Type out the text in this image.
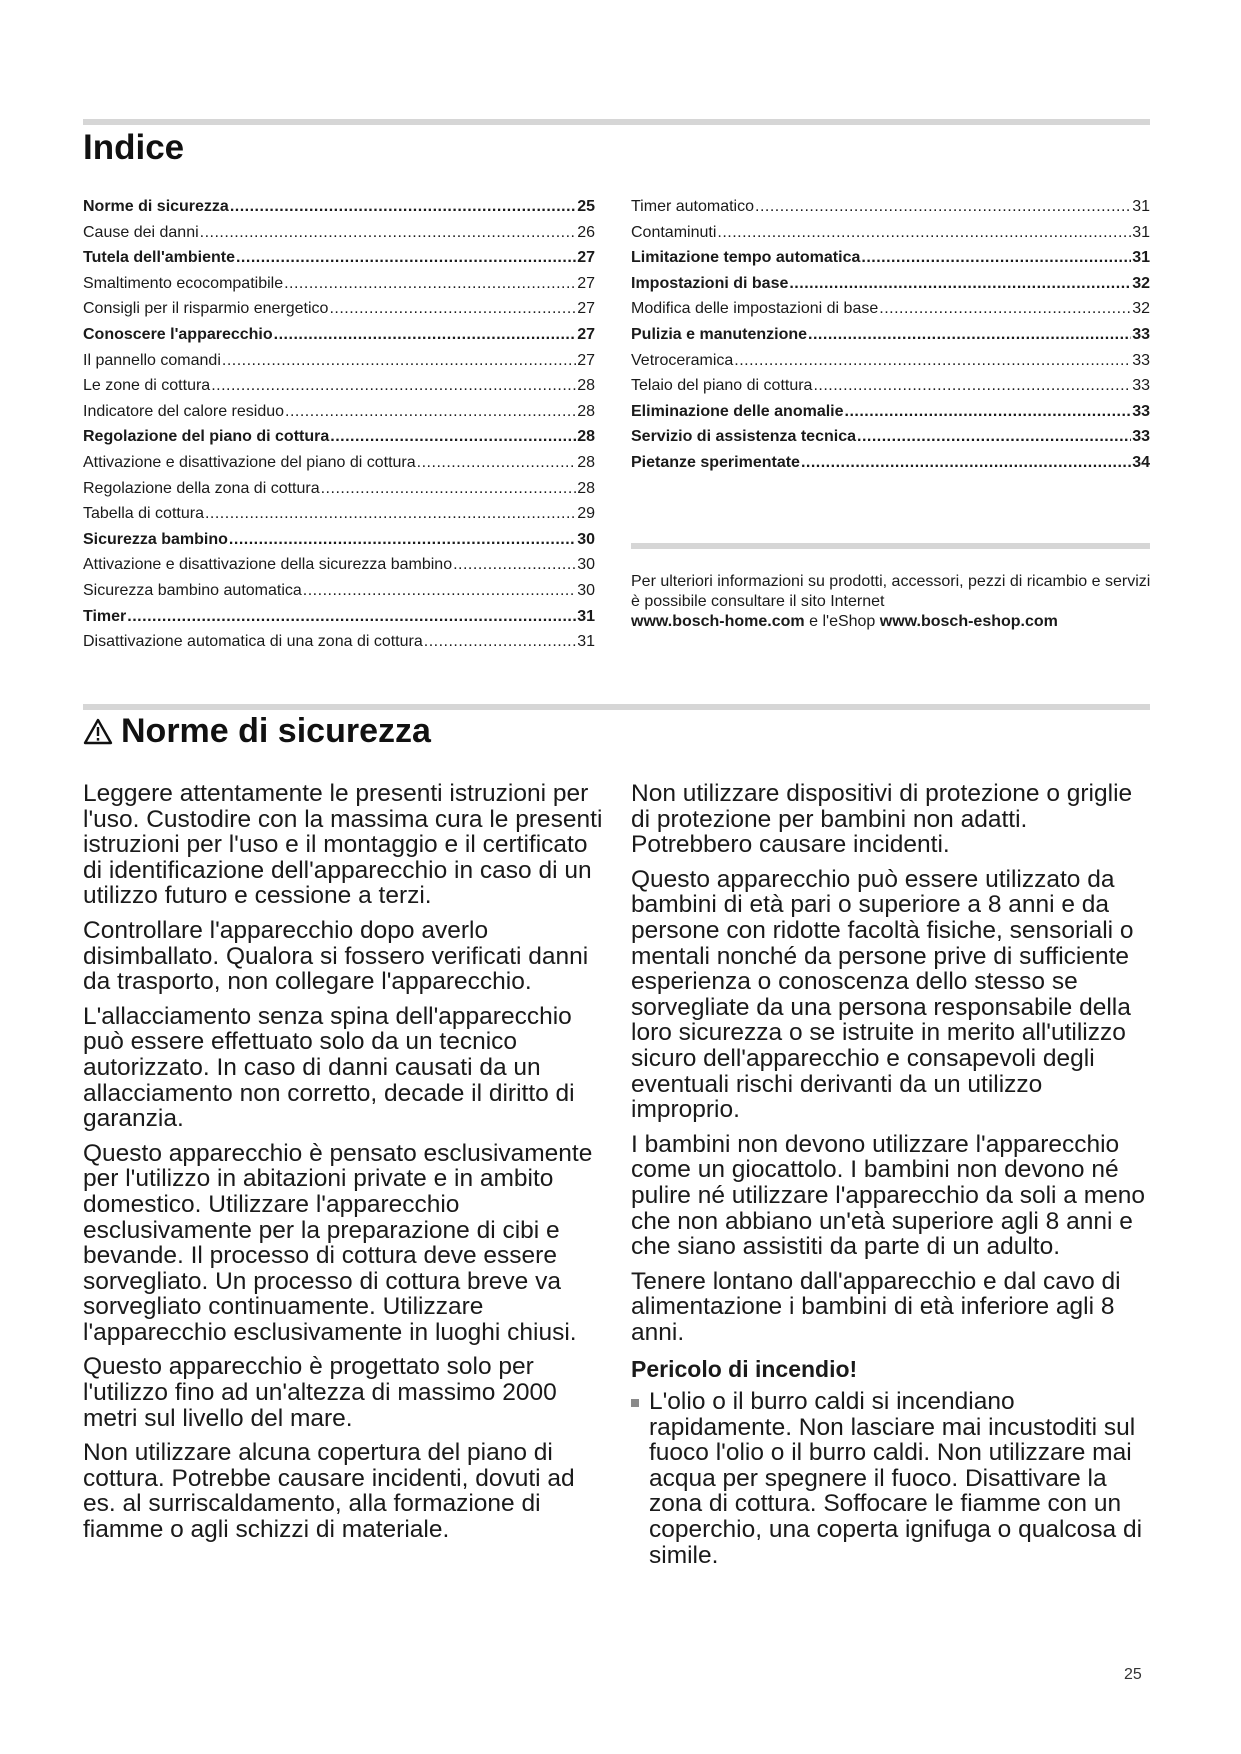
Indice
Norme di sicurezza .....	25
Cause dei danni .....	26
Tutela dell'ambiente .....	27
Smaltimento ecocompatibile .....	27
Consigli per il risparmio energetico .....	27
Conoscere l'apparecchio .....	27
Il pannello comandi .....	27
Le zone di cottura .....	28
Indicatore del calore residuo .....	28
Regolazione del piano di cottura .....	28
Attivazione e disattivazione del piano di cottura .....	28
Regolazione della zona di cottura .....	28
Tabella di cottura .....	29
Sicurezza bambino .....	30
Attivazione e disattivazione della sicurezza bambino .....	30
Sicurezza bambino automatica .....	30
Timer .....	31
Disattivazione automatica di una zona di cottura .....	31
Timer automatico .....	31
Contaminuti .....	31
Limitazione tempo automatica .....	31
Impostazioni di base .....	32
Modifica delle impostazioni di base .....	32
Pulizia e manutenzione .....	33
Vetroceramica .....	33
Telaio del piano di cottura .....	33
Eliminazione delle anomalie .....	33
Servizio di assistenza tecnica .....	33
Pietanze sperimentate .....	34
Per ulteriori informazioni su prodotti, accessori, pezzi di ricambio e servizi è possibile consultare il sito Internet
www.bosch-home.com e l'eShop www.bosch-eshop.com
Norme di sicurezza

Leggere attentamente le presenti istruzioni per l'uso. Custodire con la massima cura le presenti istruzioni per l'uso e il montaggio e il certificato di identificazione dell'apparecchio in caso di un utilizzo futuro e cessione a terzi.

Controllare l'apparecchio dopo averlo disimballato. Qualora si fossero verificati danni da trasporto, non collegare l'apparecchio.

L'allacciamento senza spina dell'apparecchio può essere effettuato solo da un tecnico autorizzato. In caso di danni causati da un allacciamento non corretto, decade il diritto di garanzia.

Questo apparecchio è pensato esclusivamente per l'utilizzo in abitazioni private e in ambito domestico. Utilizzare l'apparecchio esclusivamente per la preparazione di cibi e bevande. Il processo di cottura deve essere sorvegliato. Un processo di cottura breve va sorvegliato continuamente. Utilizzare l'apparecchio esclusivamente in luoghi chiusi.

Questo apparecchio è progettato solo per l'utilizzo fino ad un'altezza di massimo 2000 metri sul livello del mare.

Non utilizzare alcuna copertura del piano di cottura. Potrebbe causare incidenti, dovuti ad es. al surriscaldamento, alla formazione di fiamme o agli schizzi di materiale.

Non utilizzare dispositivi di protezione o griglie di protezione per bambini non adatti. Potrebbero causare incidenti.

Questo apparecchio può essere utilizzato da bambini di età pari o superiore a 8 anni e da persone con ridotte facoltà fisiche, sensoriali o mentali nonché da persone prive di sufficiente esperienza o conoscenza dello stesso se sorvegliate da una persona responsabile della loro sicurezza o se istruite in merito all'utilizzo sicuro dell'apparecchio e consapevoli degli eventuali rischi derivanti da un utilizzo improprio.

I bambini non devono utilizzare l'apparecchio come un giocattolo. I bambini non devono né pulire né utilizzare l'apparecchio da soli a meno che non abbiano un'età superiore agli 8 anni e che siano assistiti da parte di un adulto.

Tenere lontano dall'apparecchio e dal cavo di alimentazione i bambini di età inferiore agli 8 anni.

Pericolo di incendio!
L'olio o il burro caldi si incendiano rapidamente. Non lasciare mai incustoditi sul fuoco l'olio o il burro caldi. Non utilizzare mai acqua per spegnere il fuoco. Disattivare la zona di cottura. Soffocare le fiamme con un coperchio, una coperta ignifuga o qualcosa di simile.
25
